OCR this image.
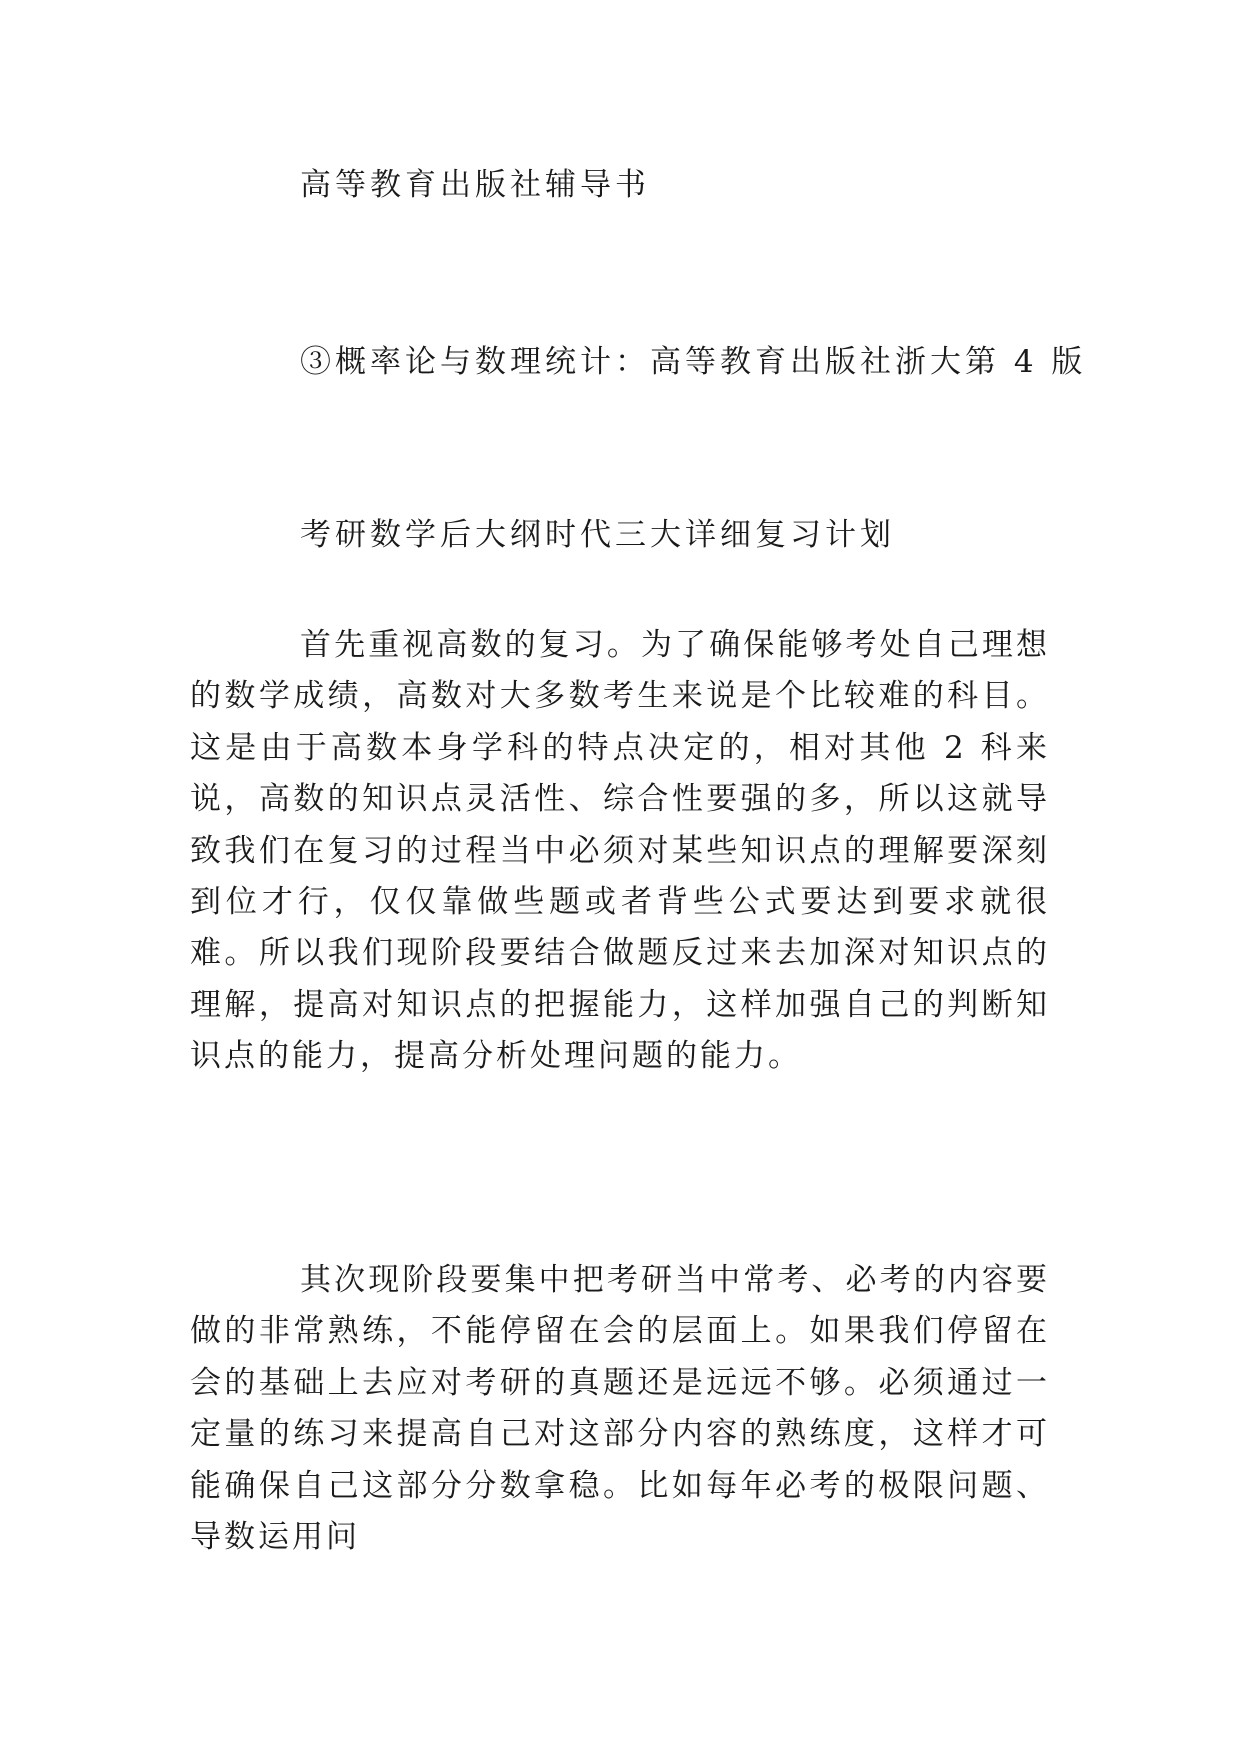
高等教育出版社辅导书
③概率论与数理统计：高等教育出版社浙大第 4 版
考研数学后大纲时代三大详细复习计划

首先重视高数的复习。为了确保能够考处自己理想的数学成绩，高数对大多数考生来说是个比较难的科目。这是由于高数本身学科的特点决定的，相对其他 2 科来说，高数的知识点灵活性、综合性要强的多，所以这就导致我们在复习的过程当中必须对某些知识点的理解要深刻到位才行，仅仅靠做些题或者背些公式要达到要求就很难。所以我们现阶段要结合做题反过来去加深对知识点的理解，提高对知识点的把握能力，这样加强自己的判断知识点的能力，提高分析处理问题的能力。

其次现阶段要集中把考研当中常考、必考的内容要做的非常熟练，不能停留在会的层面上。如果我们停留在会的基础上去应对考研的真题还是远远不够。必须通过一定量的练习来提高自己对这部分内容的熟练度，这样才可能确保自己这部分分数拿稳。比如每年必考的极限问题、导数运用问
